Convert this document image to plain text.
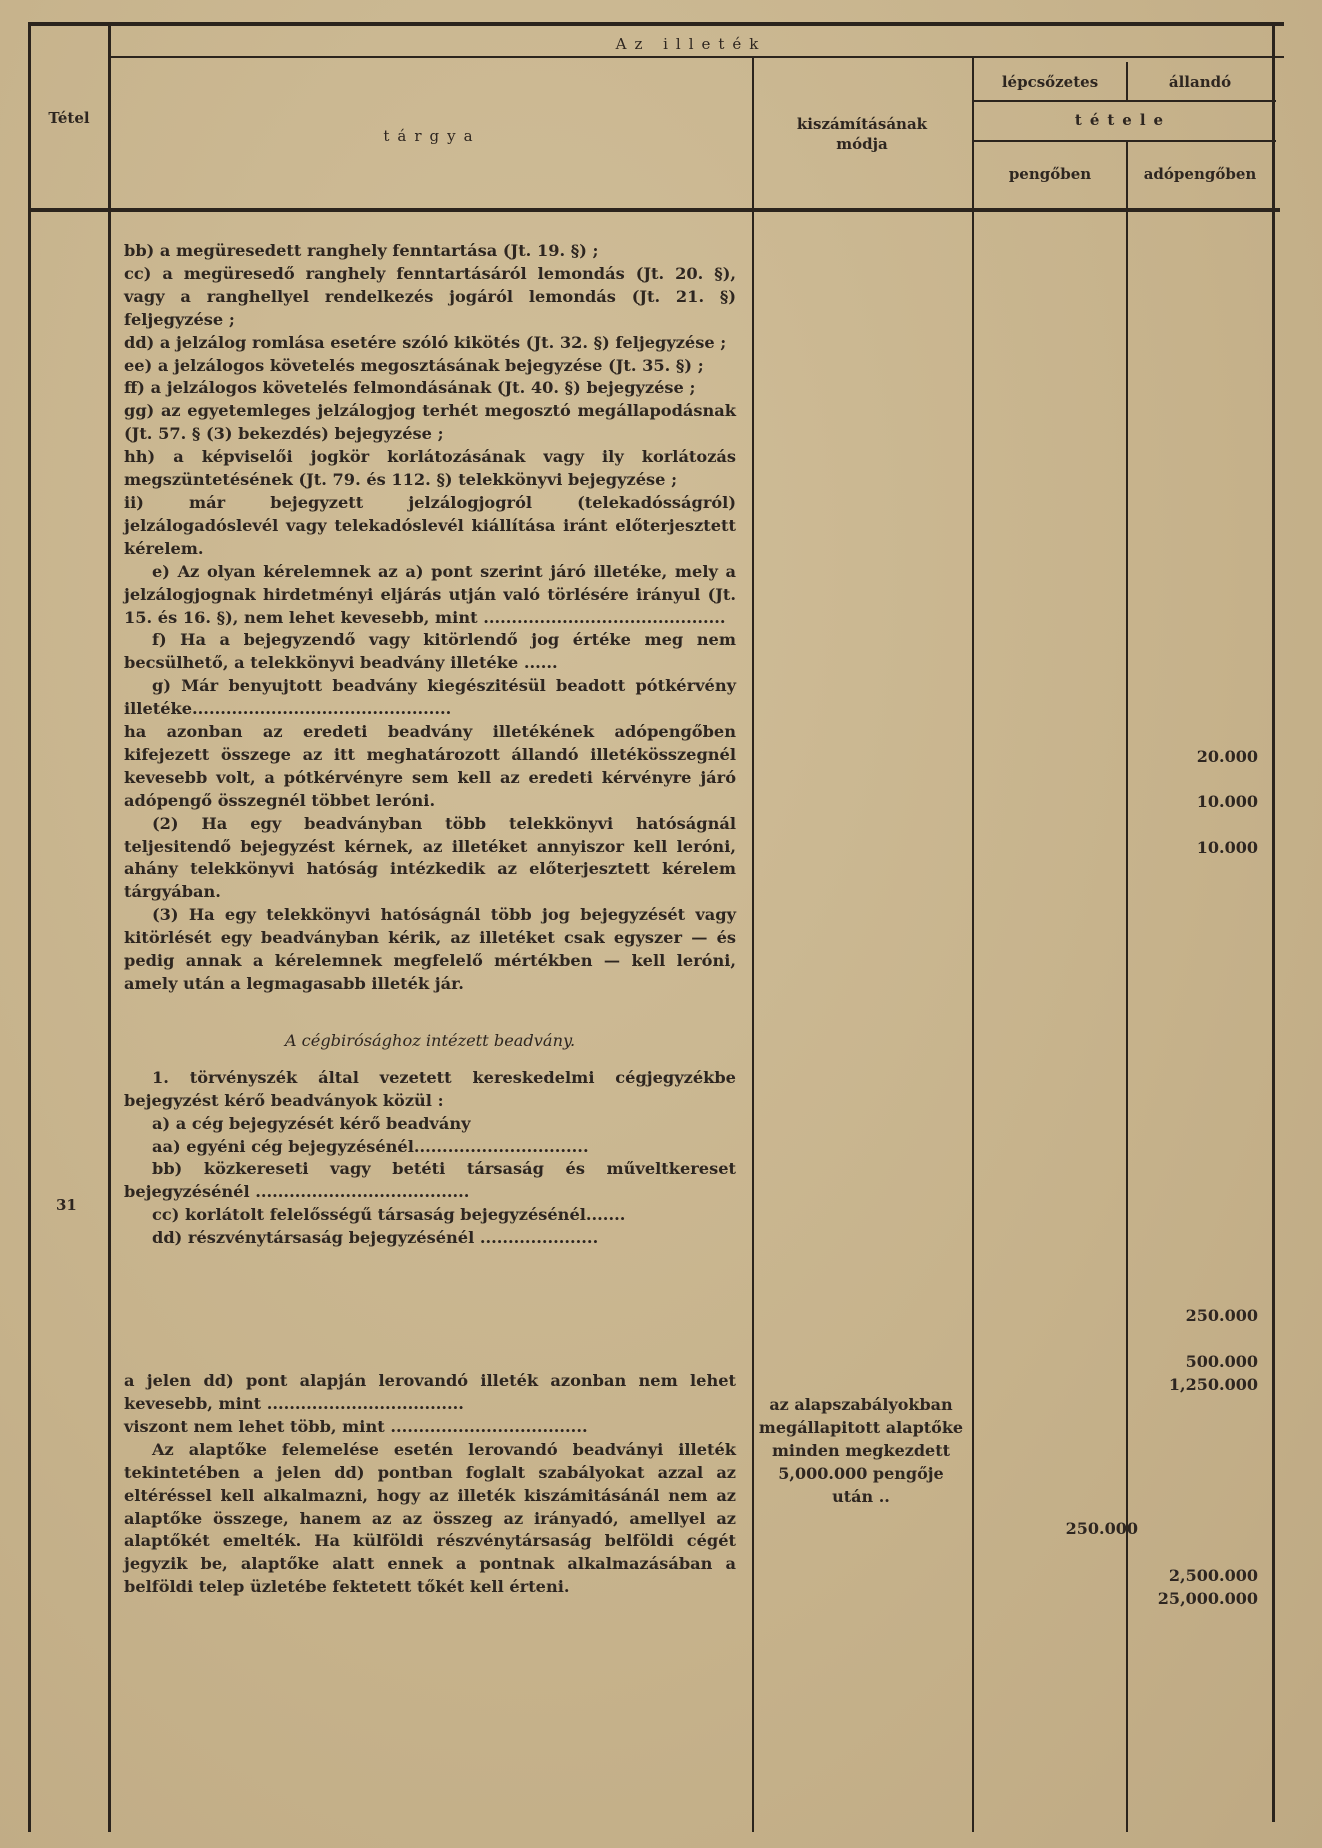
Az illeték
Tétel
tárgya
kiszámításának módja
lépcsőzetes	állandó
tétele
pengőben	adópengőben

bb) a megüresedett ranghely fenntartása (Jt. 19. §) ;

cc) a megüresedő ranghely fenntartásáról lemondás (Jt. 20. §), vagy a ranghellyel rendelkezés jogáról lemondás (Jt. 21. §) feljegyzése ;

dd) a jelzálog romlása esetére szóló kikötés (Jt. 32. §) feljegyzése ;

ee) a jelzálogos követelés megosztásának bejegyzése (Jt. 35. §) ;

ff) a jelzálogos követelés felmondásának (Jt. 40. §) bejegyzése ;

gg) az egyetemleges jelzálogjog terhét megosztó megállapodásnak (Jt. 57. § (3) bekezdés) bejegyzése ;

hh) a képviselői jogkör korlátozásának vagy ily korlátozás megszüntetésének (Jt. 79. és 112. §) telekkönyvi bejegyzése ;

ii) már bejegyzett jelzálogjogról (telekadósságról) jelzálogadóslevél vagy telekadóslevél kiállítása iránt előterjesztett kérelem.

e) Az olyan kérelemnek az a) pont szerint járó illetéke, mely a jelzálogjognak hirdetményi eljárás utján való törlésére irányul (Jt. 15. és 16. §), nem lehet kevesebb, mint ...........................................

f) Ha a bejegyzendő vagy kitörlendő jog értéke meg nem becsülhető, a telekkönyvi beadvány illetéke ......

g) Már benyujtott beadvány kiegészitésül beadott pótkérvény illetéke..............................................

ha azonban az eredeti beadvány illetékének adópengőben kifejezett összege az itt meghatározott állandó illetékösszegnél kevesebb volt, a pótkérvényre sem kell az eredeti kérvényre járó adópengő összegnél többet leróni.

(2) Ha egy beadványban több telekkönyvi hatóságnál teljesitendő bejegyzést kérnek, az illetéket annyiszor kell leróni, ahány telekkönyvi hatóság intézkedik az előterjesztett kérelem tárgyában.

(3) Ha egy telekkönyvi hatóságnál több jog bejegyzését vagy kitörlését egy beadványban kérik, az illetéket csak egyszer — és pedig annak a kérelemnek megfelelő mértékben — kell leróni, amely után a legmagasabb illeték jár.

A cégbirósághoz intézett beadvány.

1. törvényszék által vezetett kereskedelmi cégjegyzékbe bejegyzést kérő beadványok közül :

a) a cég bejegyzését kérő beadvány

aa) egyéni cég bejegyzésénél...............................

bb) közkereseti vagy betéti társaság és műveltkereset bejegyzésénél ......................................

cc) korlátolt felelősségű társaság bejegyzésénél.......

dd) részvénytársaság bejegyzésénél .....................

a jelen dd) pont alapján lerovandó illeték azonban nem lehet kevesebb, mint ...................................

viszont nem lehet több, mint ...................................

Az alaptőke felemelése esetén lerovandó beadványi illeték tekintetében a jelen dd) pontban foglalt szabályokat azzal az eltéréssel kell alkalmazni, hogy az illeték kiszámitásánál nem az alaptőke összege, hanem az az összeg az irányadó, amellyel az alaptőkét emelték. Ha külföldi részvénytársaság belföldi cégét jegyzik be, alaptőke alatt ennek a pontnak alkalmazásában a belföldi telep üzletébe fektetett tőkét kell érteni.

31
az alapszabályokban megállapitott alaptőke minden megkezdett 5,000.000 pengője után ..
20.000
10.000
10.000
250.000
500.000
1,250.000
250.000
2,500.000
25,000.000
